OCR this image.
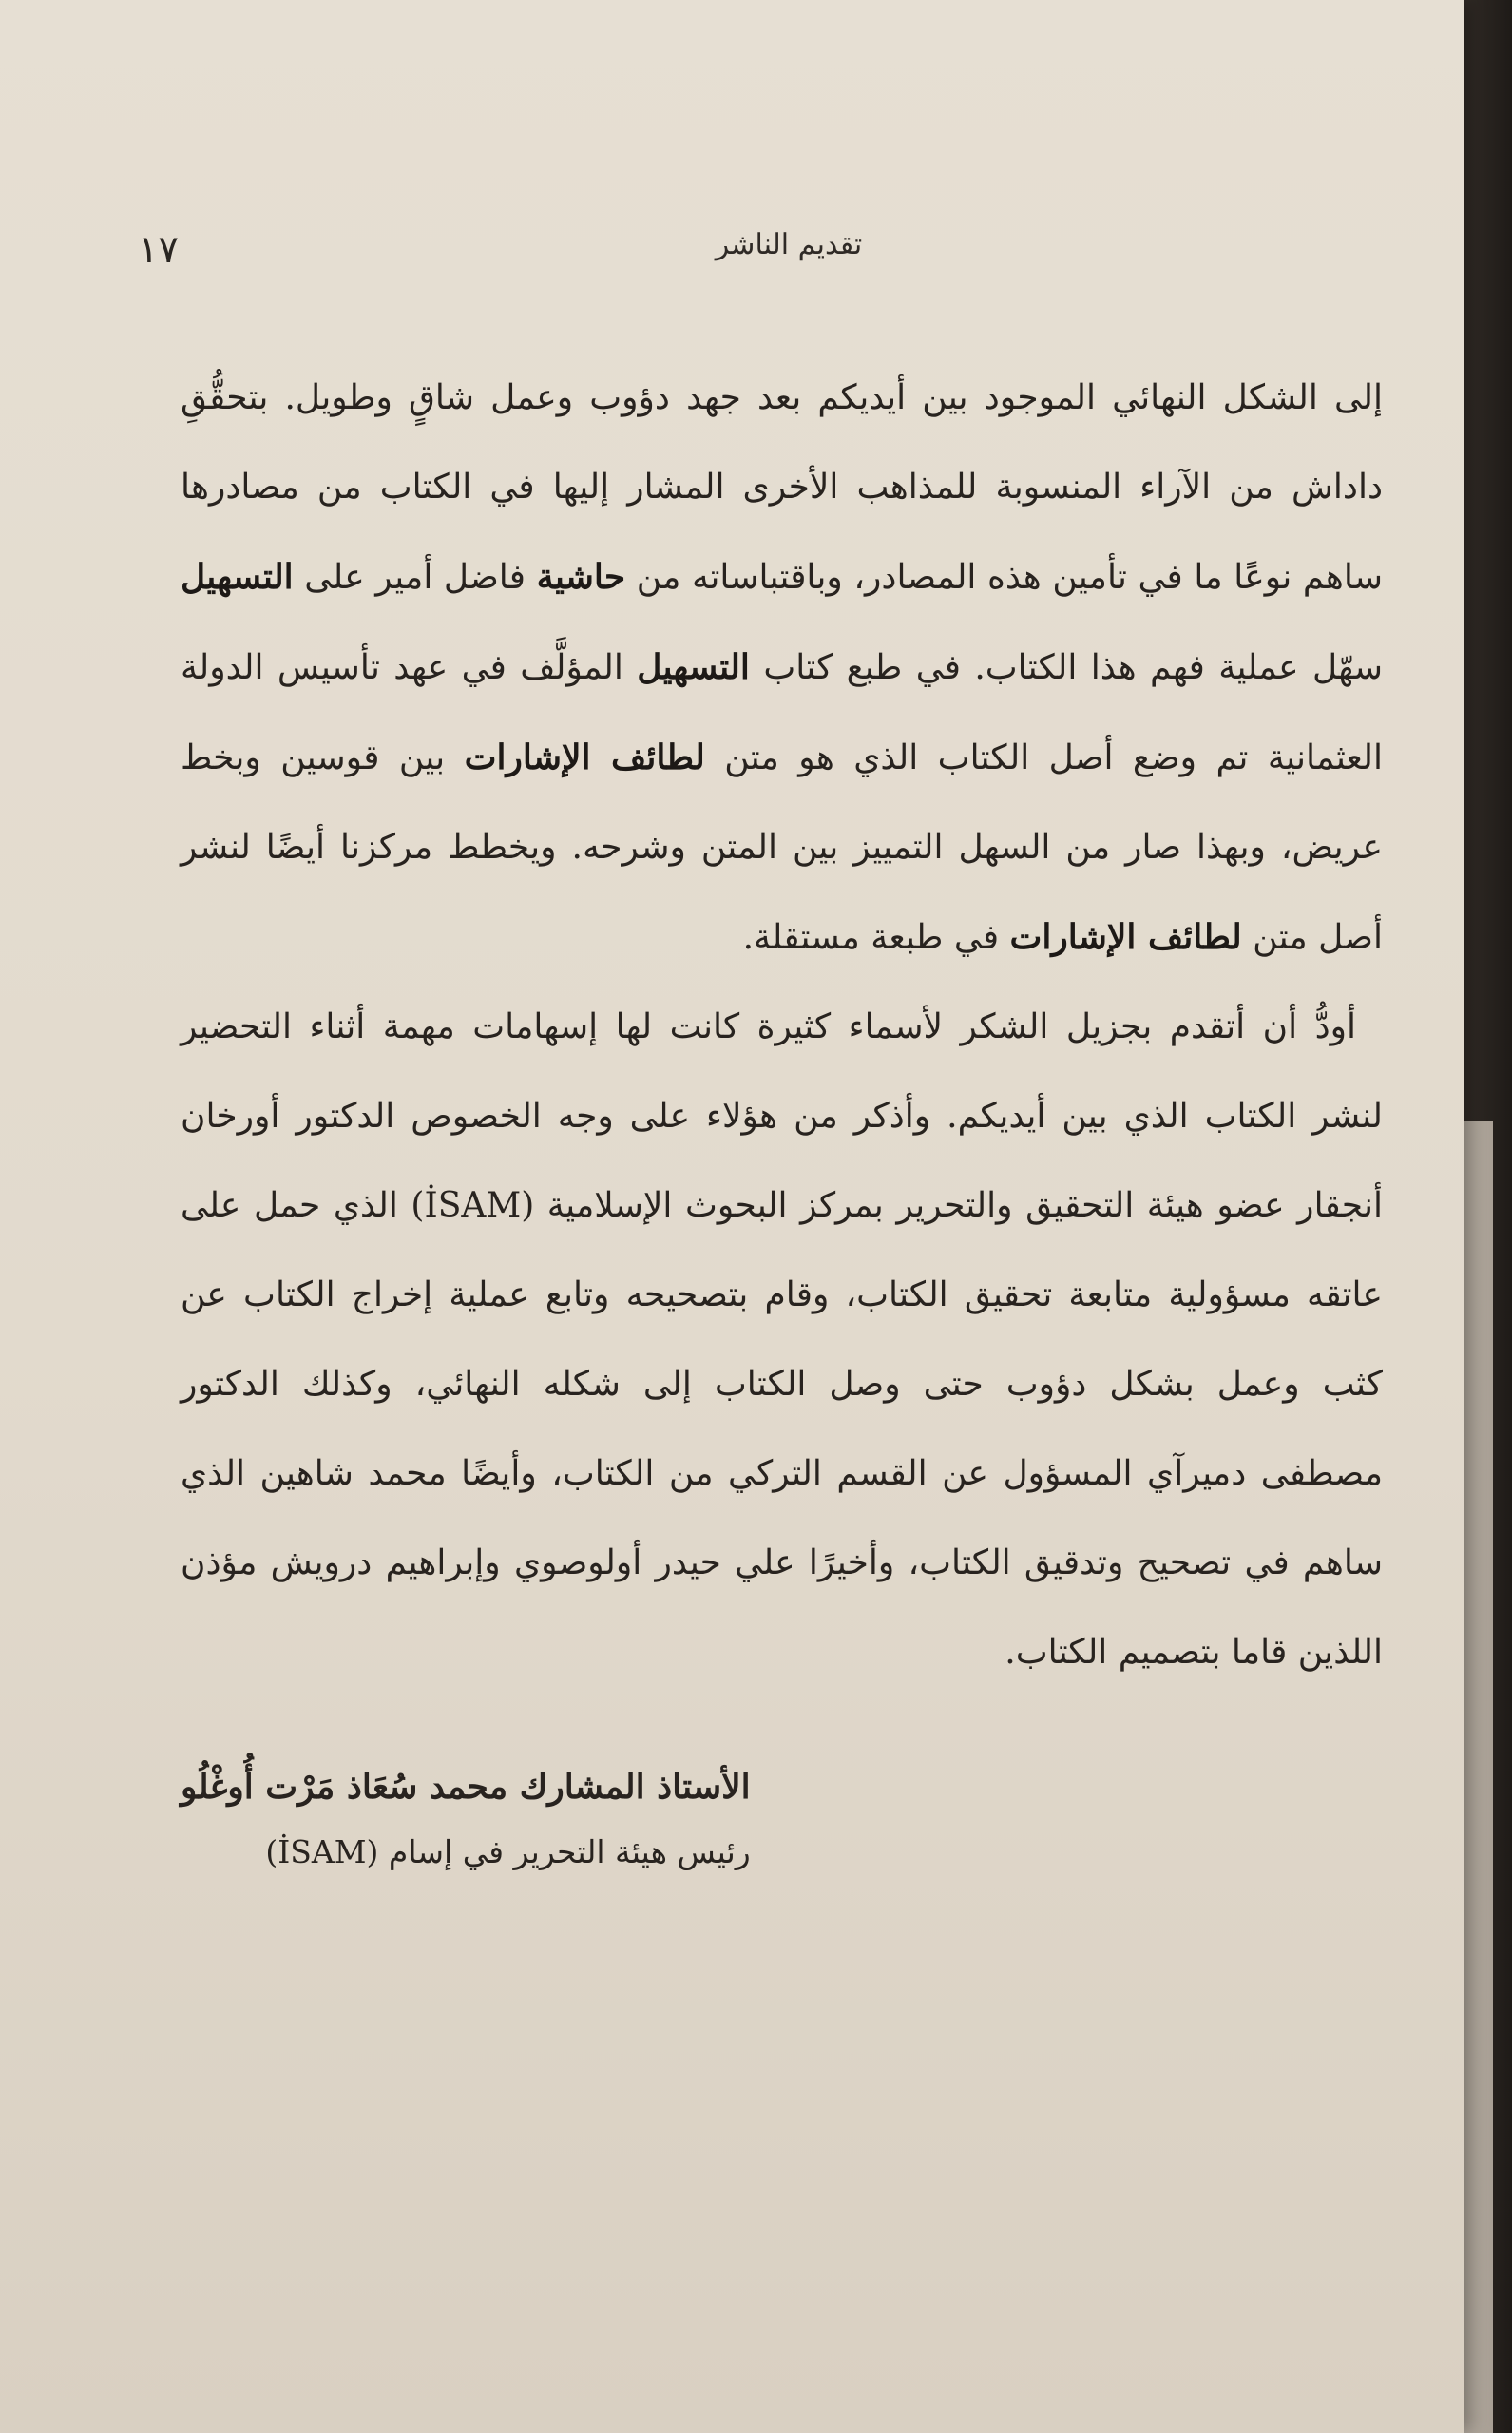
١٧	تقديم الناشر

إلى الشكل النهائي الموجود بين أيديكم بعد جهد دؤوب وعمل شاقٍ وطويل. بتحقُّقِ داداش من الآراء المنسوبة للمذاهب الأخرى المشار إليها في الكتاب من مصادرها ساهم نوعًا ما في تأمين هذه المصادر، وباقتباساته من حاشية فاضل أمير على التسهيل سهّل عملية فهم هذا الكتاب. في طبع كتاب التسهيل المؤلَّف في عهد تأسيس الدولة العثمانية تم وضع أصل الكتاب الذي هو متن لطائف الإشارات بين قوسين وبخط عريض، وبهذا صار من السهل التمييز بين المتن وشرحه. ويخطط مركزنا أيضًا لنشر أصل متن لطائف الإشارات في طبعة مستقلة.

أودُّ أن أتقدم بجزيل الشكر لأسماء كثيرة كانت لها إسهامات مهمة أثناء التحضير لنشر الكتاب الذي بين أيديكم. وأذكر من هؤلاء على وجه الخصوص الدكتور أورخان أنجقار عضو هيئة التحقيق والتحرير بمركز البحوث الإسلامية (İSAM) الذي حمل على عاتقه مسؤولية متابعة تحقيق الكتاب، وقام بتصحيحه وتابع عملية إخراج الكتاب عن كثب وعمل بشكل دؤوب حتى وصل الكتاب إلى شكله النهائي، وكذلك الدكتور مصطفى دميرآي المسؤول عن القسم التركي من الكتاب، وأيضًا محمد شاهين الذي ساهم في تصحيح وتدقيق الكتاب، وأخيرًا علي حيدر أولوصوي وإبراهيم درويش مؤذن اللذين قاما بتصميم الكتاب.

الأستاذ المشارك محمد سُعَاذ مَرْت أُوغْلُو
رئيس هيئة التحرير في إسام (İSAM)
